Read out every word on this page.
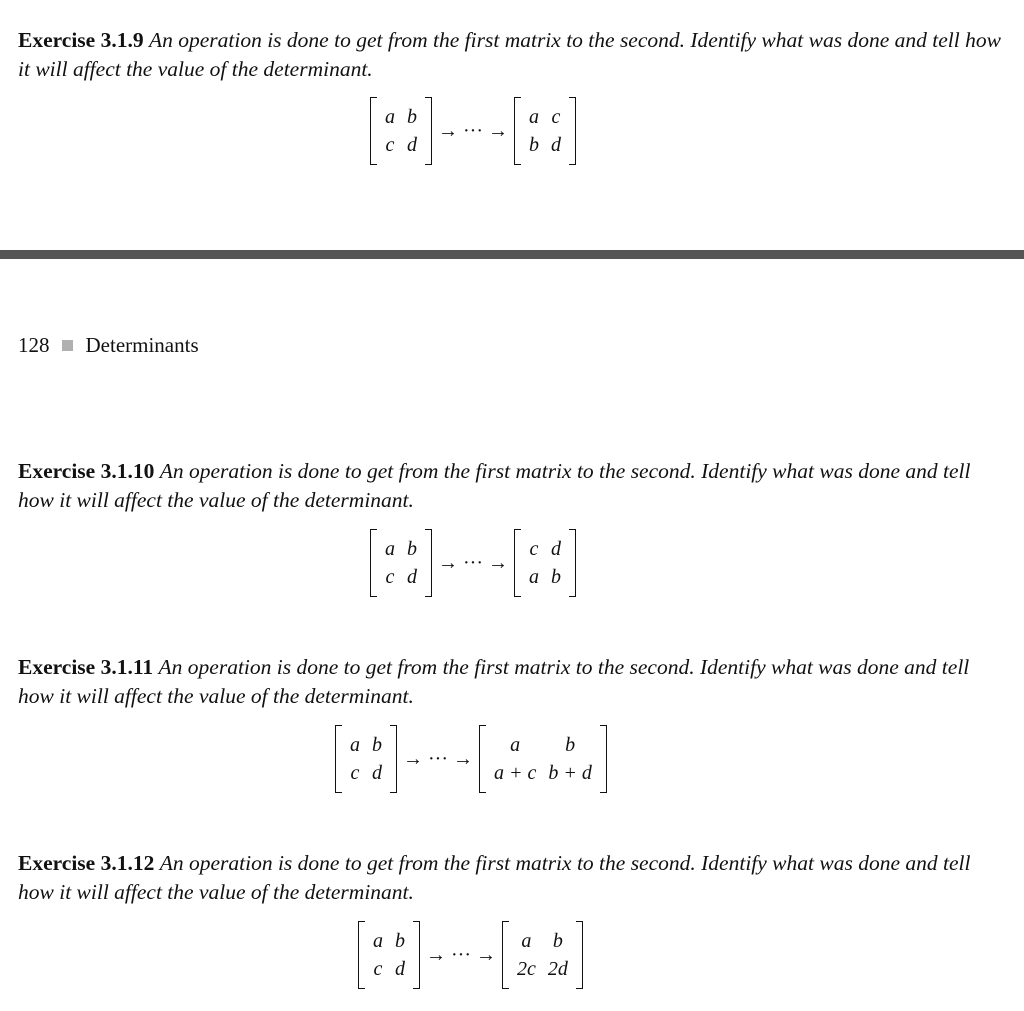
Exercise 3.1.9 An operation is done to get from the first matrix to the second. Identify what was done and tell how it will affect the value of the determinant.
a	b
c	d
→ ··· →
a	c
b	d
128 Determinants
Exercise 3.1.10 An operation is done to get from the first matrix to the second. Identify what was done and tell how it will affect the value of the determinant.
a	b
c	d
→ ··· →
c	d
a	b
Exercise 3.1.11 An operation is done to get from the first matrix to the second. Identify what was done and tell how it will affect the value of the determinant.
a	b
c	d
→ ··· →
a	b
a + c	b + d
Exercise 3.1.12 An operation is done to get from the first matrix to the second. Identify what was done and tell how it will affect the value of the determinant.
a	b
c	d
→ ··· →
a	b
2c	2d
